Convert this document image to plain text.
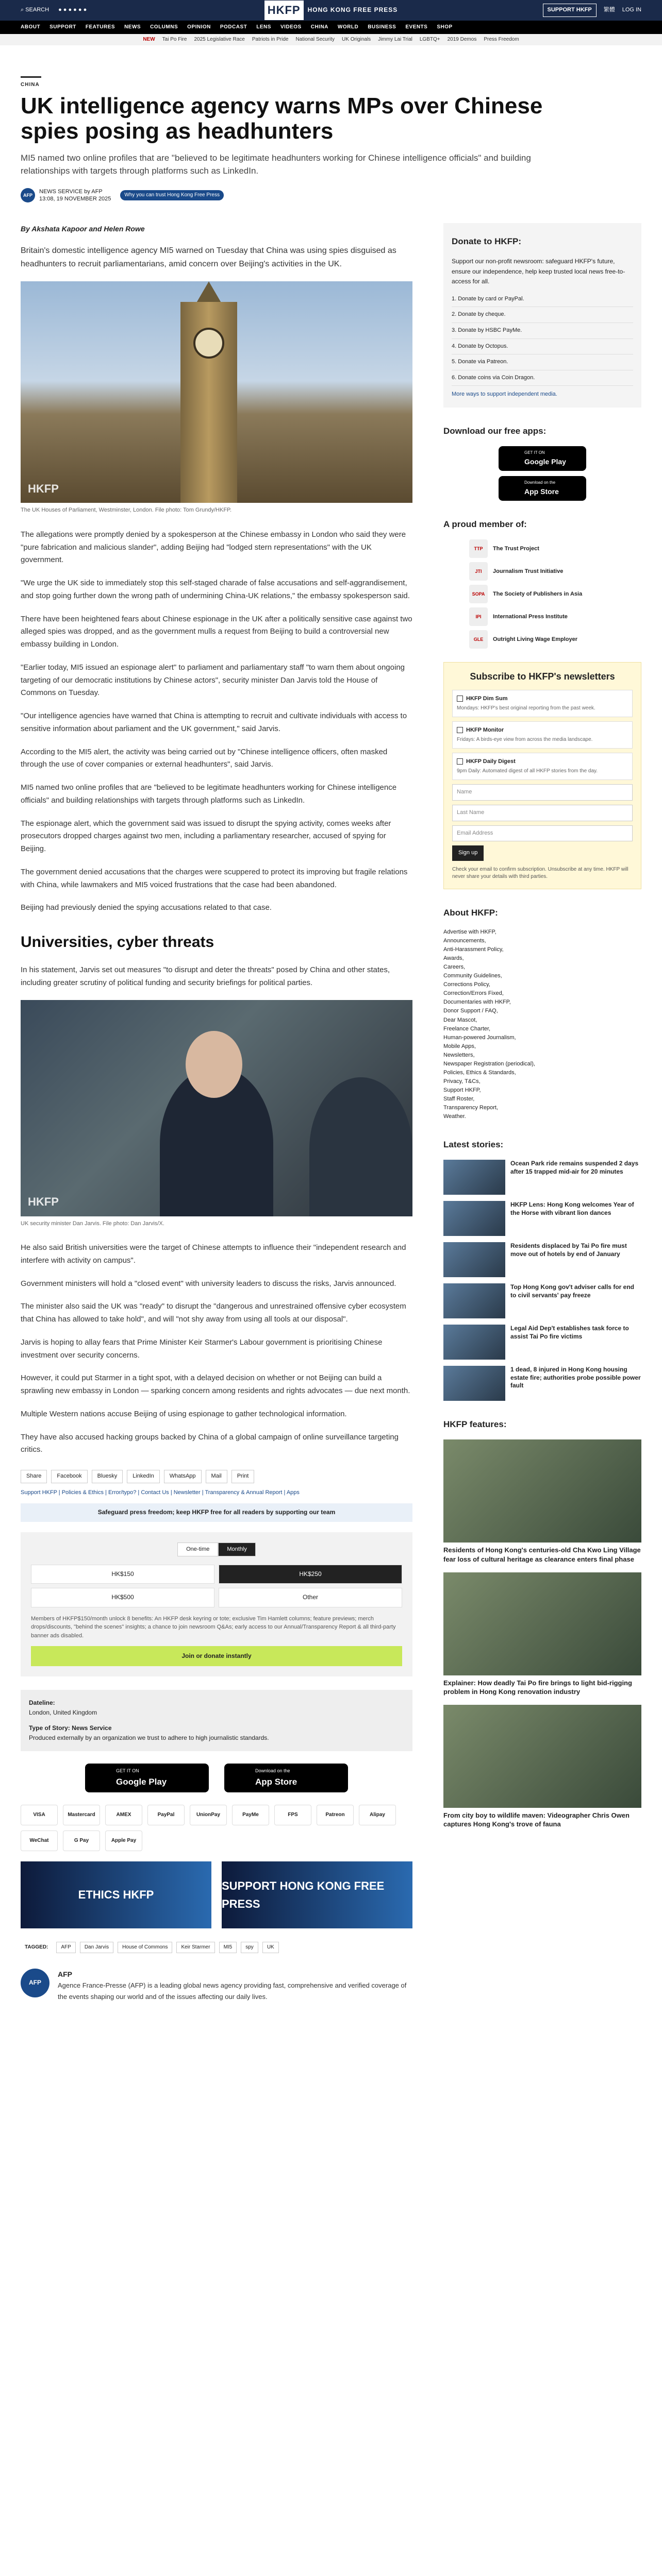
⌕ SEARCH ● ● ● ● ● ●	HKFP	HONG KONG FREE PRESS	SUPPORT HKFP	繁體 LOG IN
ABOUT SUPPORT FEATURES NEWS COLUMNS OPINION PODCAST LENS VIDEOS CHINA WORLD BUSINESS EVENTS SHOP
NEW Tai Po Fire 2025 Legislative Race Patriots in Pride National Security UK Originals Jimmy Lai Trial LGBTQ+ 2019 Demos Press Freedom
CHINA
UK intelligence agency warns MPs over Chinese spies posing as headhunters
MI5 named two online profiles that are "believed to be legitimate headhunters working for Chinese intelligence officials" and building relationships with targets through platforms such as LinkedIn.
AFP
NEWS SERVICE by AFP
13:08, 19 NOVEMBER 2025
Why you can trust Hong Kong Free Press
By Akshata Kapoor and Helen Rowe

Britain's domestic intelligence agency MI5 warned on Tuesday that China was using spies disguised as headhunters to recruit parliamentarians, amid concern over Beijing's activities in the UK.

HKFP
The UK Houses of Parliament, Westminster, London. File photo: Tom Grundy/HKFP.

The allegations were promptly denied by a spokesperson at the Chinese embassy in London who said they were "pure fabrication and malicious slander", adding Beijing had "lodged stern representations" with the UK government.

"We urge the UK side to immediately stop this self-staged charade of false accusations and self-aggrandisement, and stop going further down the wrong path of undermining China-UK relations," the embassy spokesperson said.

There have been heightened fears about Chinese espionage in the UK after a politically sensitive case against two alleged spies was dropped, and as the government mulls a request from Beijing to build a controversial new embassy building in London.

"Earlier today, MI5 issued an espionage alert" to parliament and parliamentary staff "to warn them about ongoing targeting of our democratic institutions by Chinese actors", security minister Dan Jarvis told the House of Commons on Tuesday.

"Our intelligence agencies have warned that China is attempting to recruit and cultivate individuals with access to sensitive information about parliament and the UK government," said Jarvis.

According to the MI5 alert, the activity was being carried out by "Chinese intelligence officers, often masked through the use of cover companies or external headhunters", said Jarvis.

MI5 named two online profiles that are "believed to be legitimate headhunters working for Chinese intelligence officials" and building relationships with targets through platforms such as LinkedIn.

The espionage alert, which the government said was issued to disrupt the spying activity, comes weeks after prosecutors dropped charges against two men, including a parliamentary researcher, accused of spying for Beijing.

The government denied accusations that the charges were scuppered to protect its improving but fragile relations with China, while lawmakers and MI5 voiced frustrations that the case had been abandoned.

Beijing had previously denied the spying accusations related to that case.

Universities, cyber threats

In his statement, Jarvis set out measures "to disrupt and deter the threats" posed by China and other states, including greater scrutiny of political funding and security briefings for political parties.

HKFP
UK security minister Dan Jarvis. File photo: Dan Jarvis/X.

He also said British universities were the target of Chinese attempts to influence their "independent research and interfere with activity on campus".

Government ministers will hold a "closed event" with university leaders to discuss the risks, Jarvis announced.

The minister also said the UK was "ready" to disrupt the "dangerous and unrestrained offensive cyber ecosystem that China has allowed to take hold", and will "not shy away from using all tools at our disposal".

Jarvis is hoping to allay fears that Prime Minister Keir Starmer's Labour government is prioritising Chinese investment over security concerns.

However, it could put Starmer in a tight spot, with a delayed decision on whether or not Beijing can build a sprawling new embassy in London — sparking concern among residents and rights advocates — due next month.

Multiple Western nations accuse Beijing of using espionage to gather technological information.

They have also accused hacking groups backed by China of a global campaign of online surveillance targeting critics.

Share	Facebook	Bluesky	LinkedIn	WhatsApp	Mail	Print
Support HKFP | Policies & Ethics | Error/typo? | Contact Us | Newsletter | Transparency & Annual Report | Apps
Safeguard press freedom; keep HKFP free for all readers by supporting our team
One-time	Monthly
HK$150	HK$250
HK$500	Other
Members of HKFP$150/month unlock 8 benefits: An HKFP desk keyring or tote; exclusive Tim Hamlett columns; feature previews; merch drops/discounts, "behind the scenes" insights; a chance to join newsroom Q&As; early access to our Annual/Transparency Report & all third-party banner ads disabled.
Join or donate instantly
Dateline:
London, United Kingdom
Type of Story: News Service
Produced externally by an organization we trust to adhere to high journalistic standards.
GET IT ON
Google Play
Download on the
App Store
VISA	Mastercard	AMEX	PayPal	UnionPay	PayMe	FPS	Patreon	Alipay
WeChat	G Pay	Apple Pay
ETHICS HKFP
SUPPORT HONG KONG FREE PRESS
TAGGED:	AFP	Dan Jarvis	House of Commons	Keir Starmer	MI5	spy	UK
AFP
AFP

Agence France-Presse (AFP) is a leading global news agency providing fast, comprehensive and verified coverage of the events shaping our world and of the issues affecting our daily lives.

Donate to HKFP:
Support our non-profit newsroom: safeguard HKFP's future, ensure our independence, help keep trusted local news free-to-access for all.
1. Donate by card or PayPal.
2. Donate by cheque.
3. Donate by HSBC PayMe.
4. Donate by Octopus.
5. Donate via Patreon.
6. Donate coins via Coin Dragon.
More ways to support independent media.
Download our free apps:
GET IT ON
Google Play
Download on the
App Store
A proud member of:
TTP	The Trust Project
JTI	Journalism Trust Initiative
SOPA	The Society of Publishers in Asia
IPI	International Press Institute
GLE	Outright Living Wage Employer
Subscribe to HKFP's newsletters
HKFP Dim Sum
Mondays: HKFP's best original reporting from the past week.
HKFP Monitor
Fridays: A birds-eye view from across the media landscape.
HKFP Daily Digest
9pm Daily: Automated digest of all HKFP stories from the day.
Name
Last Name
Email Address
Sign up
Check your email to confirm subscription. Unsubscribe at any time. HKFP will never share your details with third parties.
About HKFP:
Advertise with HKFP,
Announcements,
Anti-Harassment Policy,
Awards,
Careers,
Community Guidelines,
Corrections Policy,
Correction/Errors Fixed,
Documentaries with HKFP,
Donor Support / FAQ,
Dear Mascot,
Freelance Charter,
Human-powered Journalism,
Mobile Apps,
Newsletters,
Newspaper Registration (periodical),
Policies, Ethics & Standards,
Privacy, T&Cs,
Support HKFP,
Staff Roster,
Transparency Report,
Weather.
Latest stories:
Ocean Park ride remains suspended 2 days after 15 trapped mid-air for 20 minutes
HKFP Lens: Hong Kong welcomes Year of the Horse with vibrant lion dances
Residents displaced by Tai Po fire must move out of hotels by end of January
Top Hong Kong gov't adviser calls for end to civil servants' pay freeze
Legal Aid Dep't establishes task force to assist Tai Po fire victims
1 dead, 8 injured in Hong Kong housing estate fire; authorities probe possible power fault
HKFP features:
Residents of Hong Kong's centuries-old Cha Kwo Ling Village fear loss of cultural heritage as clearance enters final phase
Explainer: How deadly Tai Po fire brings to light bid-rigging problem in Hong Kong renovation industry
From city boy to wildlife maven: Videographer Chris Owen captures Hong Kong's trove of fauna
